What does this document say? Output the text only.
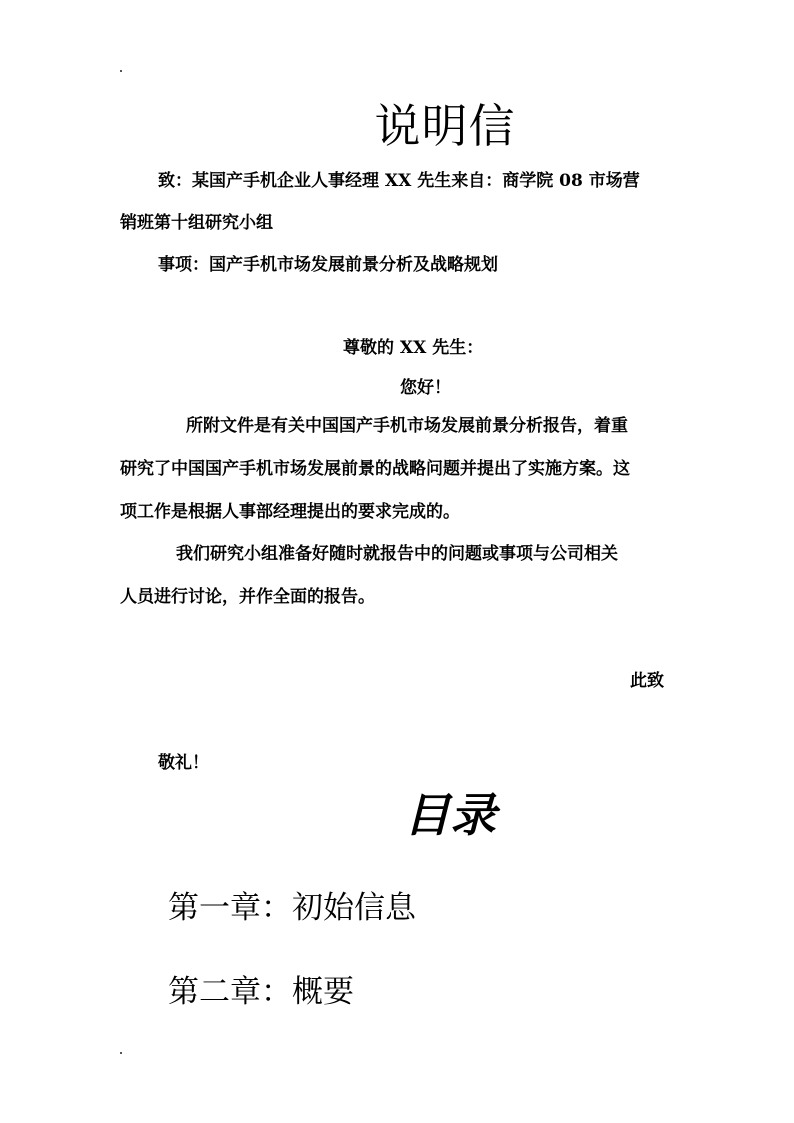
说明信
致：某国产手机企业人事经理 XX 先生来自：商学院 08 市场营
销班第十组研究小组
事项：国产手机市场发展前景分析及战略规划
尊敬的 XX 先生：
您好！
所附文件是有关中国国产手机市场发展前景分析报告，着重
研究了中国国产手机市场发展前景的战略问题并提出了实施方案。这
项工作是根据人事部经理提出的要求完成的。
我们研究小组准备好随时就报告中的问题或事项与公司相关
人员进行讨论，并作全面的报告。
此致
敬礼！
目录
第一章：初始信息
第二章：概要
